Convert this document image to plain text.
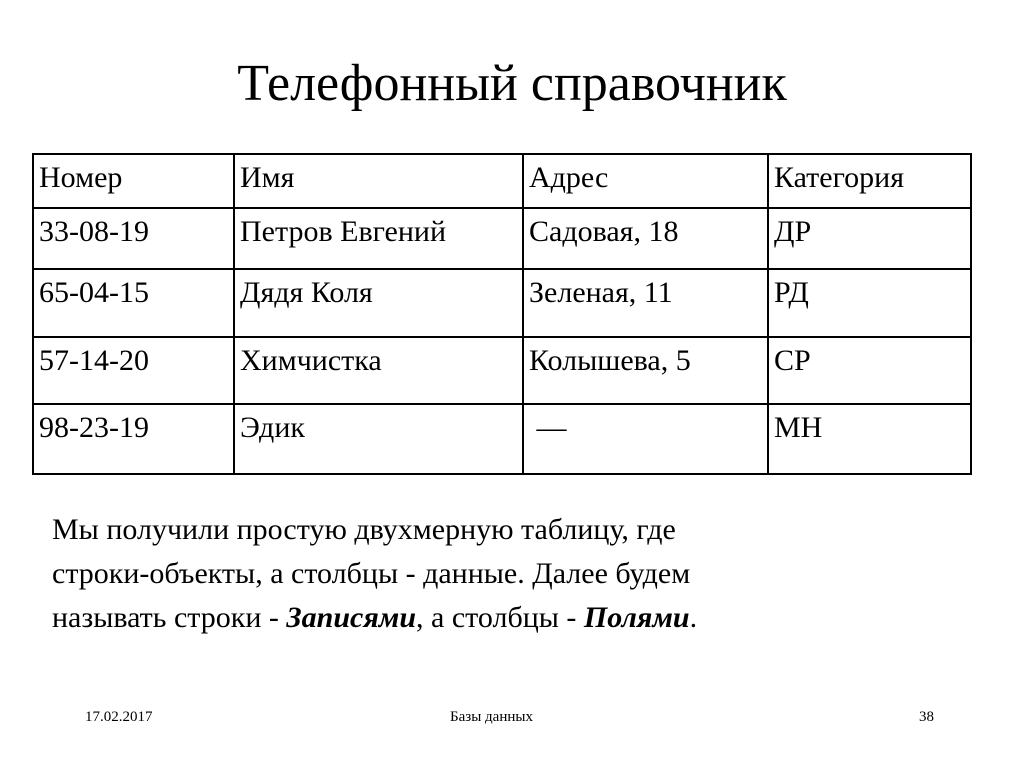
Телефонный справочник
Номер	Имя	Адрес	Категория
33-08-19	Петров Евгений	Садовая, 18	ДР
65-04-15	Дядя Коля	Зеленая, 11	РД
57-14-20	Химчистка	Колышева, 5	СР
98-23-19	Эдик	—	МН
Мы получили простую двухмерную таблицу, где
строки-объекты, а столбцы - данные. Далее будем
называть строки - Записями, а столбцы - Полями.
17.02.2017	Базы данных	38
